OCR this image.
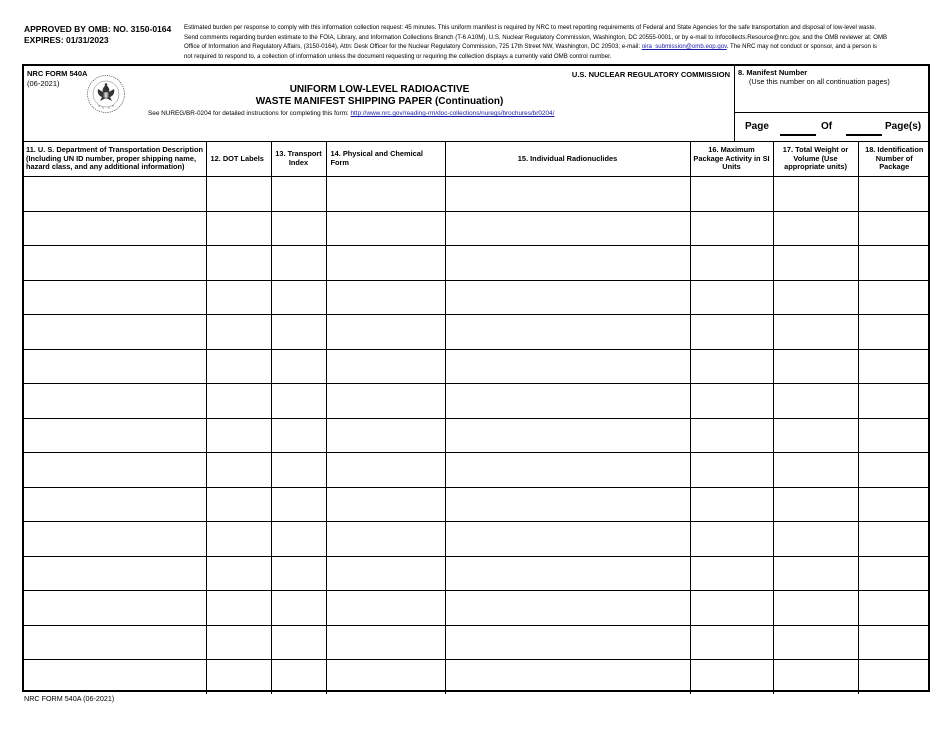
APPROVED BY OMB: NO. 3150-0164
EXPIRES: 01/31/2023
Estimated burden per response to comply with this information collection request: 45 minutes. This uniform manifest is required by NRC to meet reporting requirements of Federal and State Agencies for the safe transportation and disposal of low-level waste.
Send comments regarding burden estimate to the FOIA, Library, and Information Collections Branch (T-6 A10M), U.S. Nuclear Regulatory Commission, Washington, DC 20555-0001, or by e-mail to Infocollects.Resource@nrc.gov, and the OMB reviewer at: OMB
Office of Information and Regulatory Affairs, (3150-0164), Attn: Desk Officer for the Nuclear Regulatory Commission, 725 17th Street NW, Washington, DC 20503; e-mail: oira_submission@omb.eop.gov. The NRC may not conduct or sponsor, and a person is
not required to respond to, a collection of information unless the document requesting or requiring the collection displays a currently valid OMB control number.
NRC FORM 540A
(06-2021)
U.S. NUCLEAR REGULATORY COMMISSION
UNIFORM LOW-LEVEL RADIOACTIVE
WASTE MANIFEST SHIPPING PAPER (Continuation)
See NUREG/BR-0204 for detailed instructions for completing this form: http://www.nrc.gov/reading-rm/doc-collections/nuregs/brochures/br0204/
8. Manifest Number
(Use this number on all continuation pages)
Page	Of	Page(s)
11. U. S. Department of Transportation Description (Including UN ID number, proper shipping name, hazard class, and any additional information)	12. DOT Labels	13. Transport Index	14. Physical and Chemical Form	15. Individual Radionuclides	16. Maximum Package Activity in SI Units	17. Total Weight or Volume (Use appropriate units)	18. Identification Number of Package

NRC FORM 540A (06-2021)
